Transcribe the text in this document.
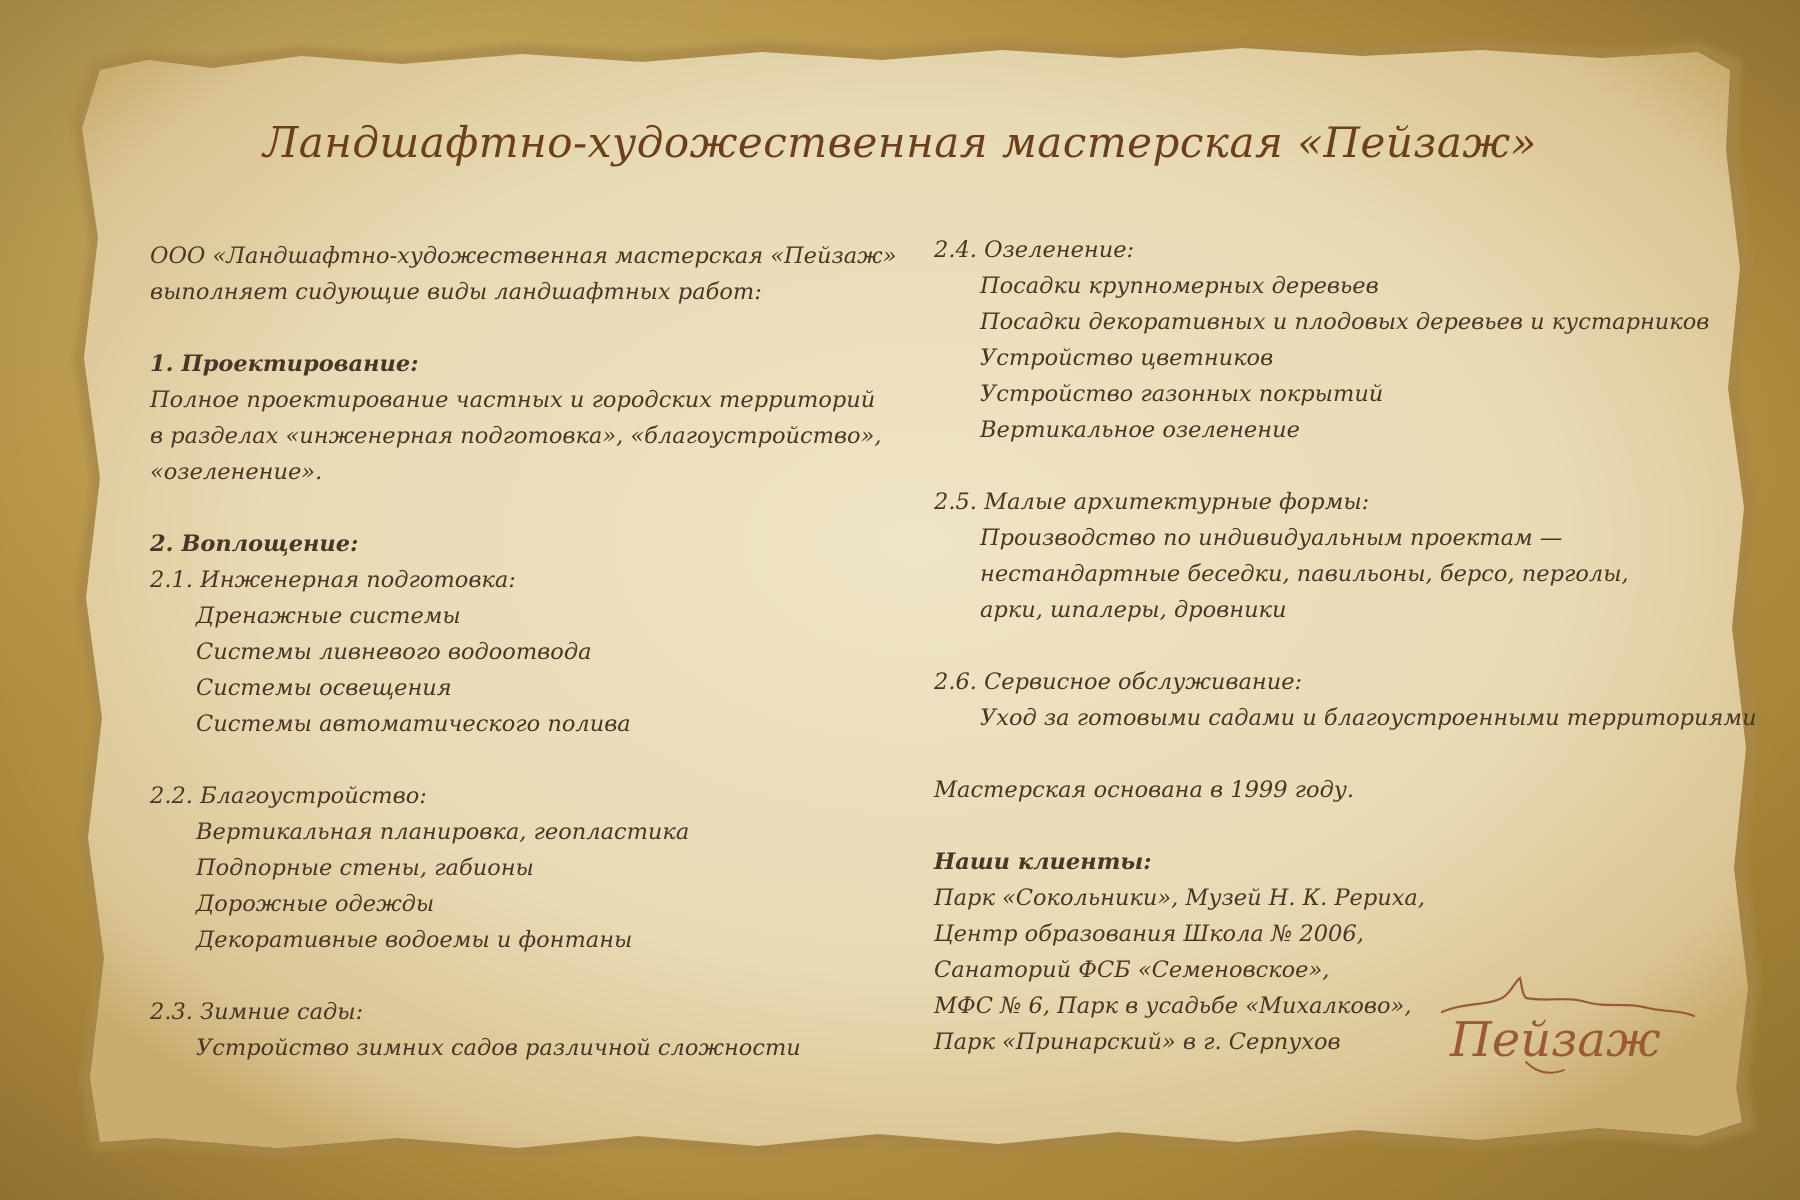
Ландшафтно-художественная мастерская «Пейзаж»
ООО «Ландшафтно-художественная мастерская «Пейзаж»
выполняет сидующие виды ландшафтных работ:
1. Проектирование:
Полное проектирование частных и городских территорий
в разделах «инженерная подготовка», «благоустройство»,
«озеленение».
2. Воплощение:
2.1. Инженерная подготовка:
Дренажные системы
Системы ливневого водоотвода
Системы освещения
Системы автоматического полива
2.2. Благоустройство:
Вертикальная планировка, геопластика
Подпорные стены, габионы
Дорожные одежды
Декоративные водоемы и фонтаны
2.3. Зимние сады:
Устройство зимних садов различной сложности
2.4. Озеленение:
Посадки крупномерных деревьев
Посадки декоративных и плодовых деревьев и кустарников
Устройство цветников
Устройство газонных покрытий
Вертикальное озеленение
2.5. Малые архитектурные формы:
Производство по индивидуальным проектам —
нестандартные беседки, павильоны, берсо, перголы,
арки, шпалеры, дровники
2.6. Сервисное обслуживание:
Уход за готовыми садами и благоустроенными территориями
Мастерская основана в 1999 году.
Наши клиенты:
Парк «Сокольники», Музей Н. К. Рериха,
Центр образования Школа № 2006,
Санаторий ФСБ «Семеновское»,
МФС № 6, Парк в усадьбе «Михалково»,
Парк «Принарский» в г. Серпухов	Пейзаж
